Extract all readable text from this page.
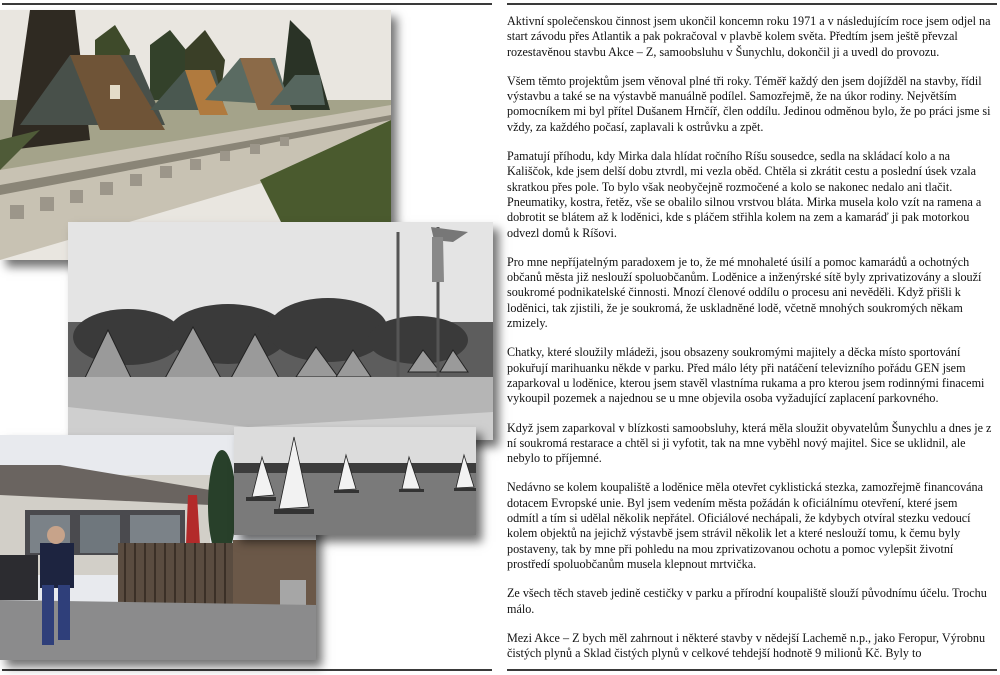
Aktivní společenskou činnost jsem ukončil koncemn roku 1971 a v následujícím roce jsem odjel na start závodu přes Atlantik a pak pokračoval v plavbě kolem světa. Předtím jsem ještě převzal rozestavěnou stavbu Akce – Z, samoobsluhu v Šunychlu, dokončil ji a uvedl do provozu.

Všem těmto projektům jsem věnoval plné tři roky. Téměř každý den jsem dojížděl na stavby, řídil výstavbu a také se na výstavbě manuálně podílel. Samozřejmě, že na úkor rodiny. Největším pomocníkem mi byl přítel Dušanem Hrnčíř, člen oddílu. Jedinou odměnou bylo, že po práci jsme si vždy, za každého počasí, zaplavali k ostrůvku a zpět.

Pamatují příhodu, kdy Mirka dala hlídat ročního Ríšu sousedce, sedla na skládací kolo a na Kališčok, kde jsem delší dobu ztvrdl, mi vezla oběd. Chtěla si zkrátit cestu a poslední úsek vzala skratkou přes pole. To bylo však neobyčejně rozmočené a kolo se nakonec nedalo ani tlačit. Pneumatiky, kostra, řetěz, vše se obalilo silnou vrstvou bláta. Mirka musela kolo vzít na ramena a dobrotit se blátem až k loděnici, kde s pláčem střihla kolem na zem a kamaráď ji pak motorkou odvezl domů k Ríšovi.

Pro mne nepříjatelným paradoxem je to, že mé mnohaleté úsilí a pomoc kamarádů a ochotných občanů města již neslouží spoluobčanům. Loděnice a inženýrské sítě byly zprivatizovány a slouží soukromé podnikatelské činnosti. Mnozí členové oddílu o procesu ani nevěděli. Když přišli k loděnici, tak zjistili, že je soukromá, že uskladněné lodě, včetně mnohých soukromých někam zmizely.

Chatky, které sloužily mládeži, jsou obsazeny soukromými majitely a děcka místo sportování pokuřují marihuanku někde v parku. Před málo léty při natáčení televizního pořádu GEN jsem zaparkoval u loděnice, kterou jsem stavěl vlastníma rukama a pro kterou jsem rodinnými finacemi vykoupil pozemek a najednou se u mne objevila osoba vyžadující zaplacení parkovného.

Když jsem zaparkoval v blízkosti samoobsluhy, která měla sloužit obyvatelům Šunychlu a dnes je z ní soukromá restarace a chtěl si ji vyfotit, tak na mne vyběhl nový majitel. Sice se uklidnil, ale nebylo to příjemné.

Nedávno se kolem koupaliště a loděnice měla otevřet cyklistická stezka, zamozřejmě financována dotacem Evropské unie. Byl jsem vedením města požádán k oficiálnímu otevření, které jsem odmítl a tím si udělal několik nepřátel. Oficiálové nechápali, že kdybych otvíral stezku vedoucí kolem objektů na jejichž výstavbě jsem strávil několik let a které neslouží tomu, k čemu byly postaveny, tak by mne při pohledu na mou zprivatizovanou ochotu a pomoc vylepšit životní prostředí spoluobčanům musela klepnout mrtvička.

Ze všech těch staveb jedině cestičky v parku a přírodní koupaliště slouží původnímu účelu. Trochu málo.

Mezi Akce – Z bych měl zahrnout i některé stavby v nědejší Lachemě n.p., jako Feropur, Výrobnu čistých plynů a Sklad čistých plynů v celkové tehdejší hodnotě 9 milionů Kč. Byly to
